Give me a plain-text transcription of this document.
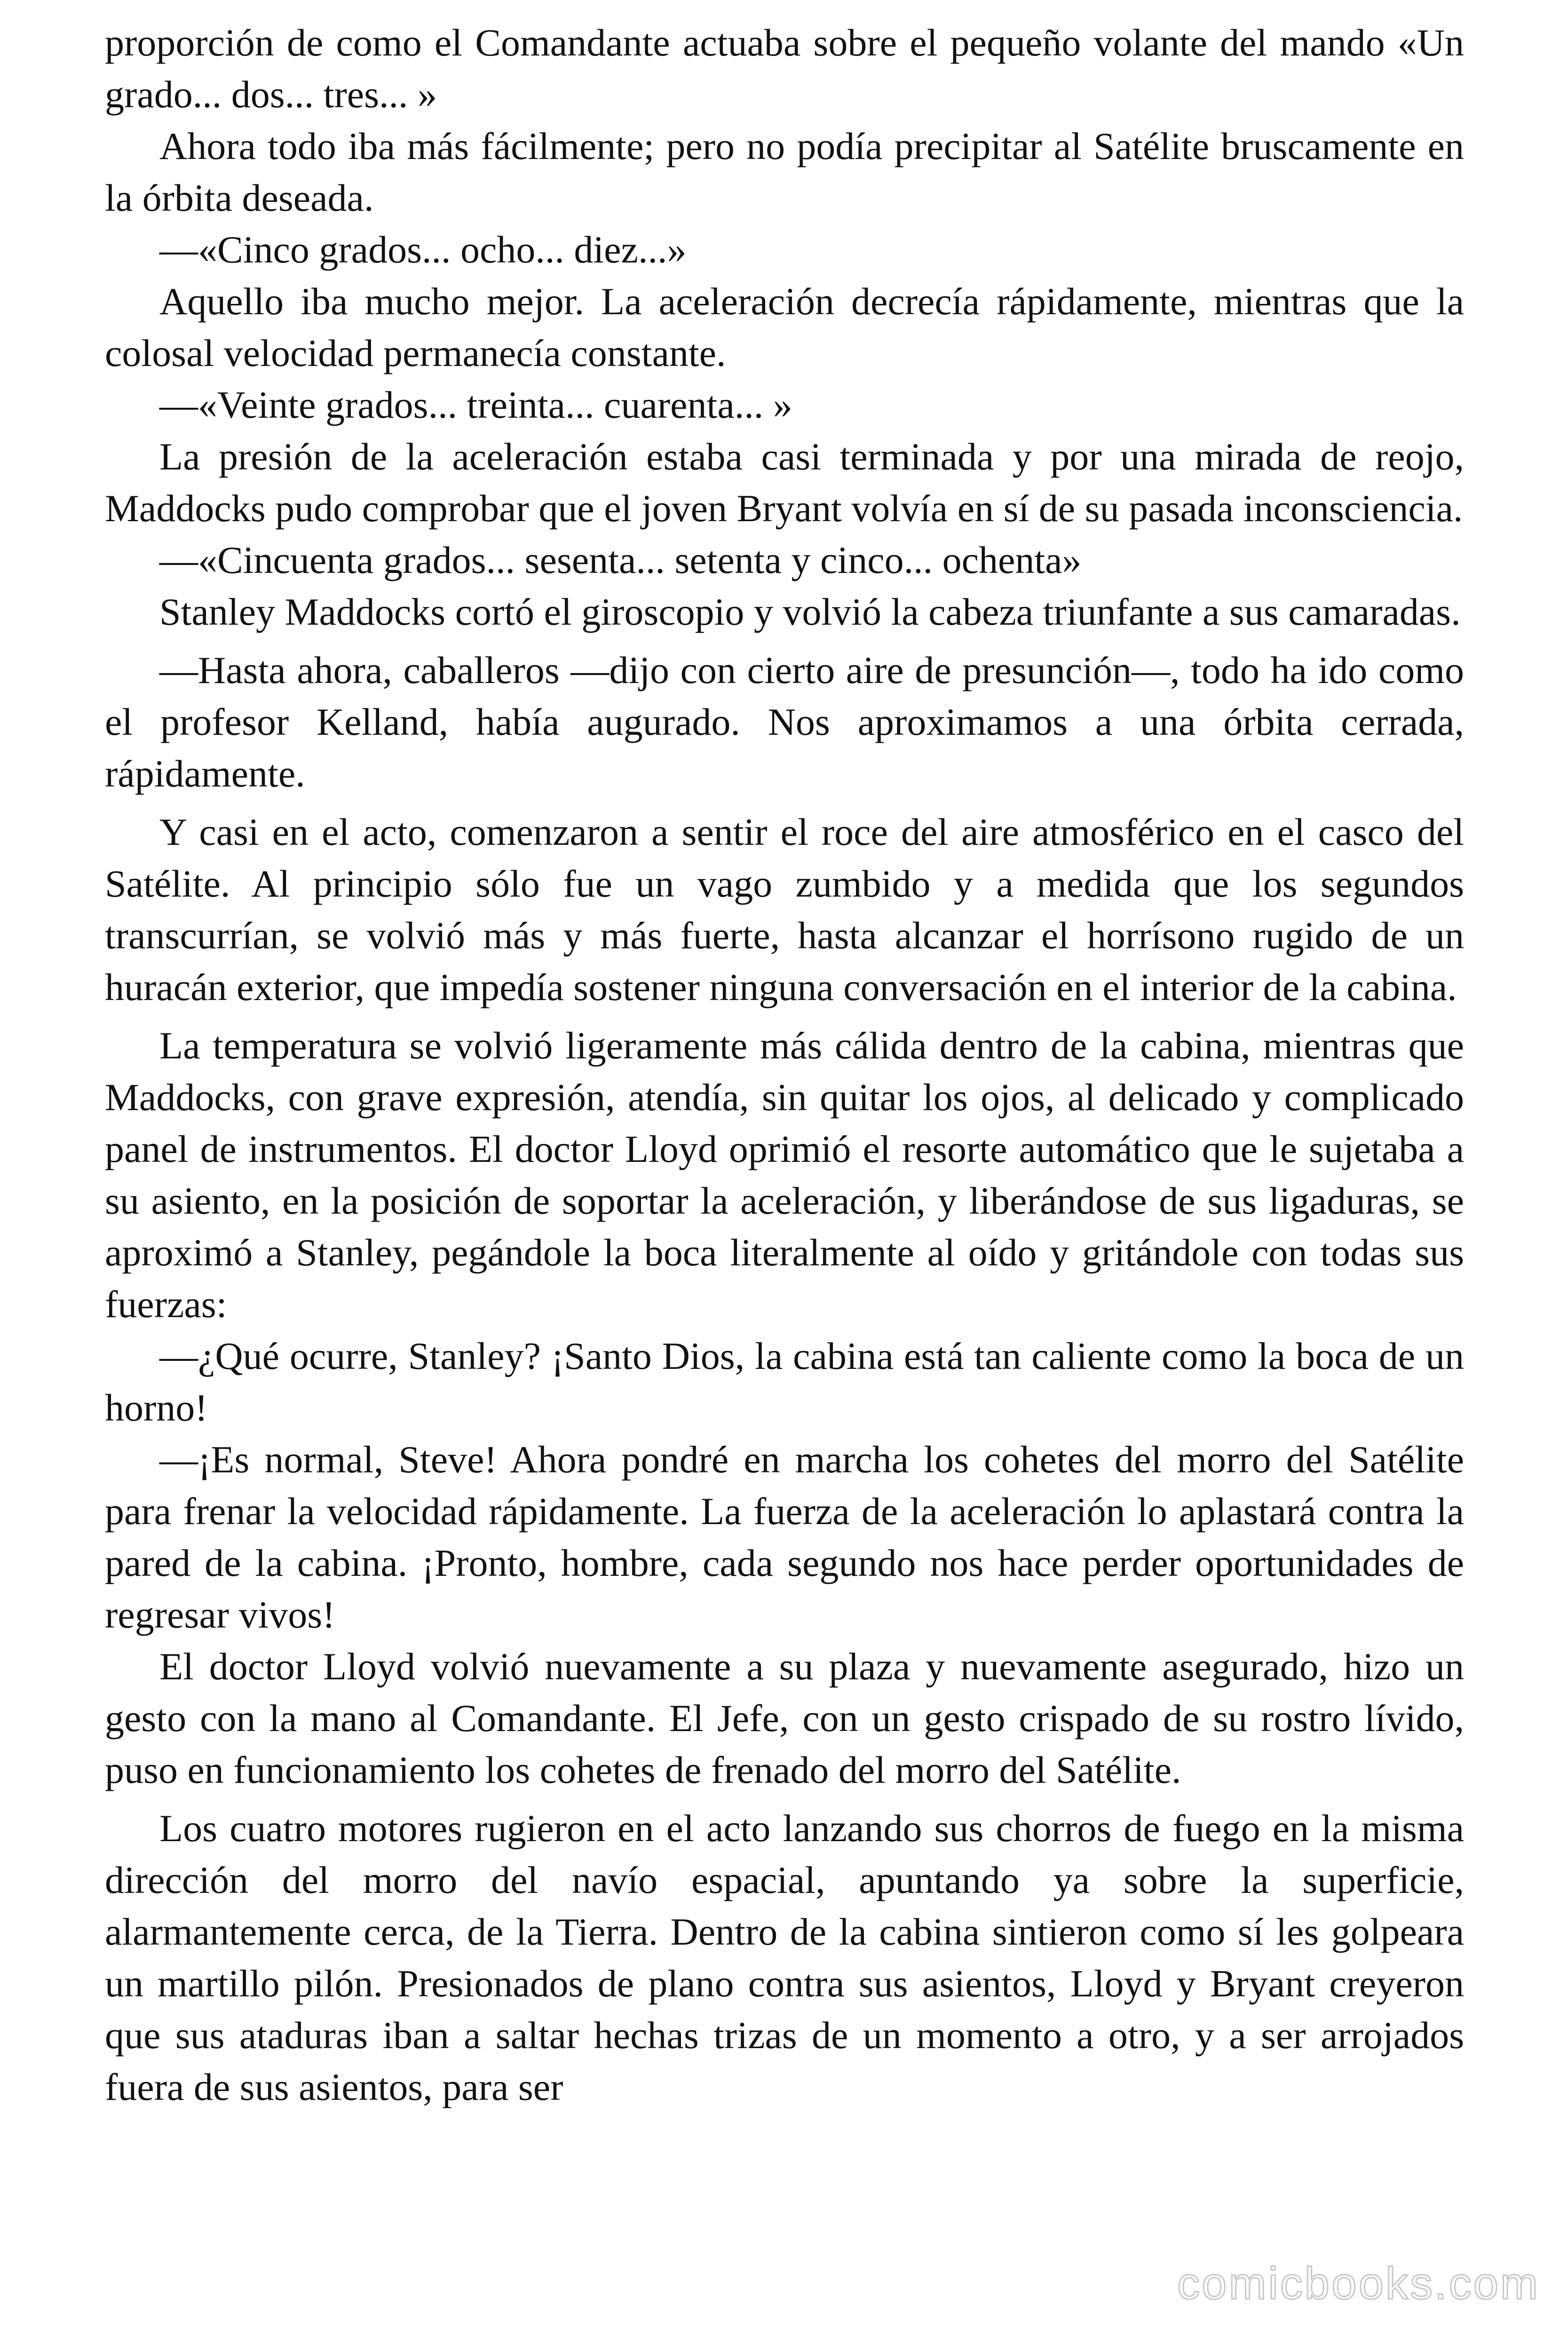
proporción de como el Comandante actuaba sobre el pequeño volante del mando «Un grado... dos... tres... »

Ahora todo iba más fácilmente; pero no podía precipitar al Satélite bruscamente en la órbita deseada.

—«Cinco grados... ocho... diez...»

Aquello iba mucho mejor. La aceleración decrecía rápidamente, mientras que la colosal velocidad permanecía constante.

—«Veinte grados... treinta... cuarenta... »

La presión de la aceleración estaba casi terminada y por una mirada de reojo, Maddocks pudo comprobar que el joven Bryant volvía en sí de su pasada inconsciencia.

—«Cincuenta grados... sesenta... setenta y cinco... ochenta»

Stanley Maddocks cortó el giroscopio y volvió la cabeza triunfante a sus camaradas.

—Hasta ahora, caballeros —dijo con cierto aire de presunción—, todo ha ido como el profesor Kelland, había augurado. Nos aproximamos a una órbita cerrada, rápidamente.

Y casi en el acto, comenzaron a sentir el roce del aire atmosférico en el casco del Satélite. Al principio sólo fue un vago zumbido y a medida que los segundos transcurrían, se volvió más y más fuerte, hasta alcanzar el horrísono rugido de un huracán exterior, que impedía sostener ninguna conversación en el interior de la cabina.

La temperatura se volvió ligeramente más cálida dentro de la cabina, mientras que Maddocks, con grave expresión, atendía, sin quitar los ojos, al delicado y complicado panel de instrumentos. El doctor Lloyd oprimió el resorte automático que le sujetaba a su asiento, en la posición de soportar la aceleración, y liberándose de sus ligaduras, se aproximó a Stanley, pegándole la boca literalmente al oído y gritándole con todas sus fuerzas:

—¿Qué ocurre, Stanley? ¡Santo Dios, la cabina está tan caliente como la boca de un horno!

—¡Es normal, Steve! Ahora pondré en marcha los cohetes del morro del Satélite para frenar la velocidad rápidamente. La fuerza de la aceleración lo aplastará contra la pared de la cabina. ¡Pronto, hombre, cada segundo nos hace perder oportunidades de regresar vivos!

El doctor Lloyd volvió nuevamente a su plaza y nuevamente asegurado, hizo un gesto con la mano al Comandante. El Jefe, con un gesto crispado de su rostro lívido, puso en funcionamiento los cohetes de frenado del morro del Satélite.

Los cuatro motores rugieron en el acto lanzando sus chorros de fuego en la misma dirección del morro del navío espacial, apuntando ya sobre la superficie, alarmantemente cerca, de la Tierra. Dentro de la cabina sintieron como sí les golpeara un martillo pilón. Presionados de plano contra sus asientos, Lloyd y Bryant creyeron que sus ataduras iban a saltar hechas trizas de un momento a otro, y a ser arrojados fuera de sus asientos, para ser

comicbooks.com
